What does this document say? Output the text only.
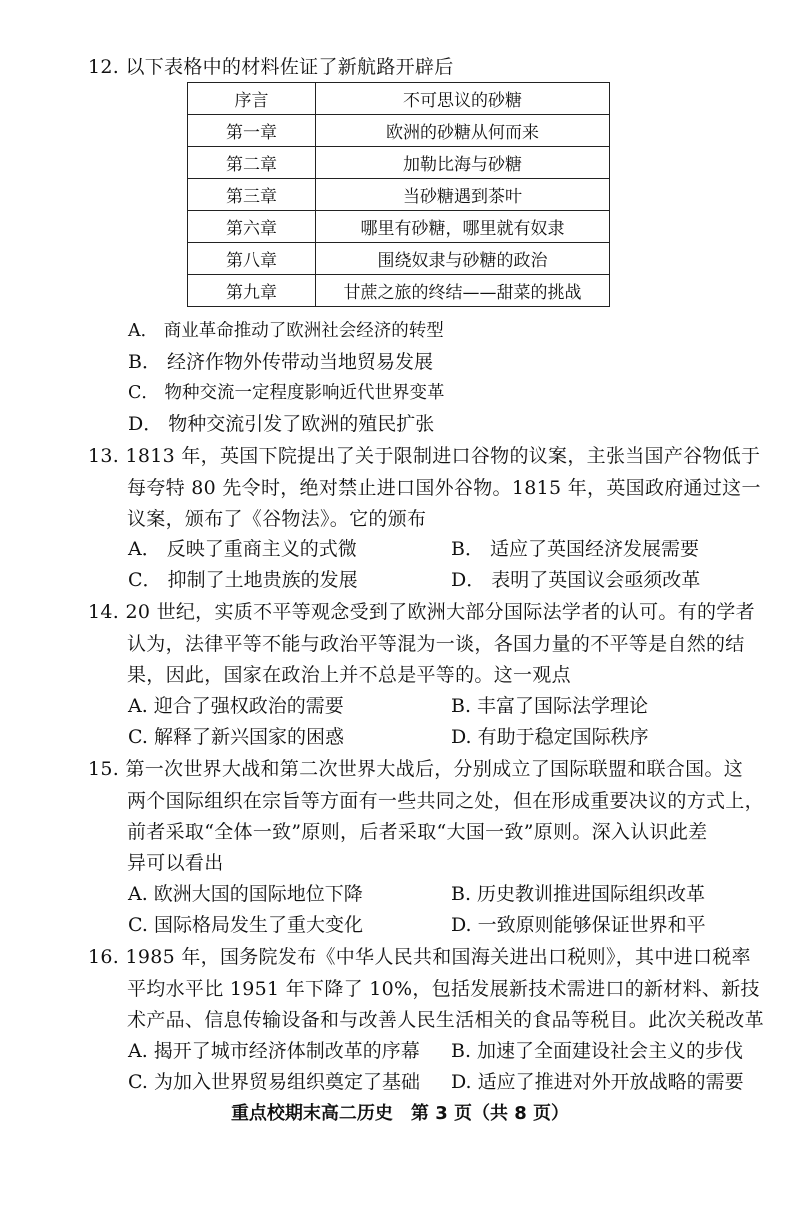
12. 以下表格中的材料佐证了新航路开辟后
序言	不可思议的砂糖
第一章	欧洲的砂糖从何而来
第二章	加勒比海与砂糖
第三章	当砂糖遇到茶叶
第六章	哪里有砂糖，哪里就有奴隶
第八章	围绕奴隶与砂糖的政治
第九章	甘蔗之旅的终结——甜菜的挑战
A． 商业革命推动了欧洲社会经济的转型
B． 经济作物外传带动当地贸易发展
C． 物种交流一定程度影响近代世界变革
D． 物种交流引发了欧洲的殖民扩张
13. 1813 年，英国下院提出了关于限制进口谷物的议案，主张当国产谷物低于
每夸特 80 先令时，绝对禁止进口国外谷物。1815 年，英国政府通过这一
议案，颁布了《谷物法》。它的颁布
A． 反映了重商主义的式微	B． 适应了英国经济发展需要
C． 抑制了土地贵族的发展	D． 表明了英国议会亟须改革
14. 20 世纪，实质不平等观念受到了欧洲大部分国际法学者的认可。有的学者
认为，法律平等不能与政治平等混为一谈，各国力量的不平等是自然的结
果，因此，国家在政治上并不总是平等的。这一观点
A. 迎合了强权政治的需要	B. 丰富了国际法学理论
C. 解释了新兴国家的困惑	D. 有助于稳定国际秩序
15. 第一次世界大战和第二次世界大战后，分别成立了国际联盟和联合国。这
两个国际组织在宗旨等方面有一些共同之处，但在形成重要决议的方式上，
前者采取“全体一致”原则，后者采取“大国一致”原则。深入认识此差
异可以看出
A. 欧洲大国的国际地位下降	B. 历史教训推进国际组织改革
C. 国际格局发生了重大变化	D. 一致原则能够保证世界和平
16. 1985 年，国务院发布《中华人民共和国海关进出口税则》，其中进口税率
平均水平比 1951 年下降了 10%，包括发展新技术需进口的新材料、新技
术产品、信息传输设备和与改善人民生活相关的食品等税目。此次关税改革
A. 揭开了城市经济体制改革的序幕 B. 加速了全面建设社会主义的步伐
C. 为加入世界贸易组织奠定了基础 D. 适应了推进对外开放战略的需要
重点校期末高二历史　第 3 页（共 8 页）
